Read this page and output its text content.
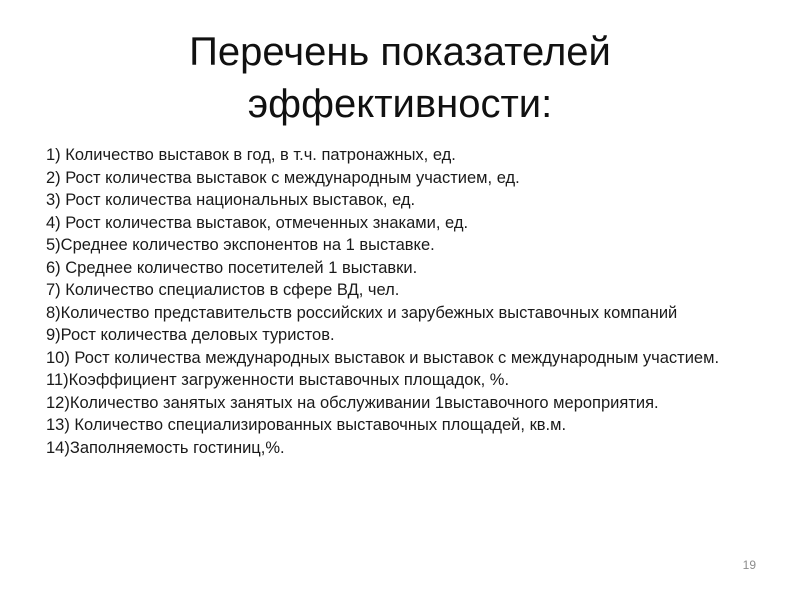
Перечень показателей
эффективности:
1) Количество выставок в год, в т.ч. патронажных, ед.
2) Рост количества выставок с международным участием, ед.
3) Рост количества национальных выставок, ед.
4) Рост количества выставок, отмеченных знаками, ед.
5)Среднее количество экспонентов на 1 выставке.
6) Среднее количество посетителей 1 выставки.
7) Количество специалистов в сфере ВД, чел.
8)Количество представительств российских и зарубежных выставочных компаний
9)Рост количества деловых туристов.
10) Рост количества международных выставок и выставок с международным участием.
11)Коэффициент загруженности выставочных площадок, %.
12)Количество занятых занятых на обслуживании 1выставочного мероприятия.
13) Количество специализированных выставочных площадей, кв.м.
14)Заполняемость гостиниц,%.
19
